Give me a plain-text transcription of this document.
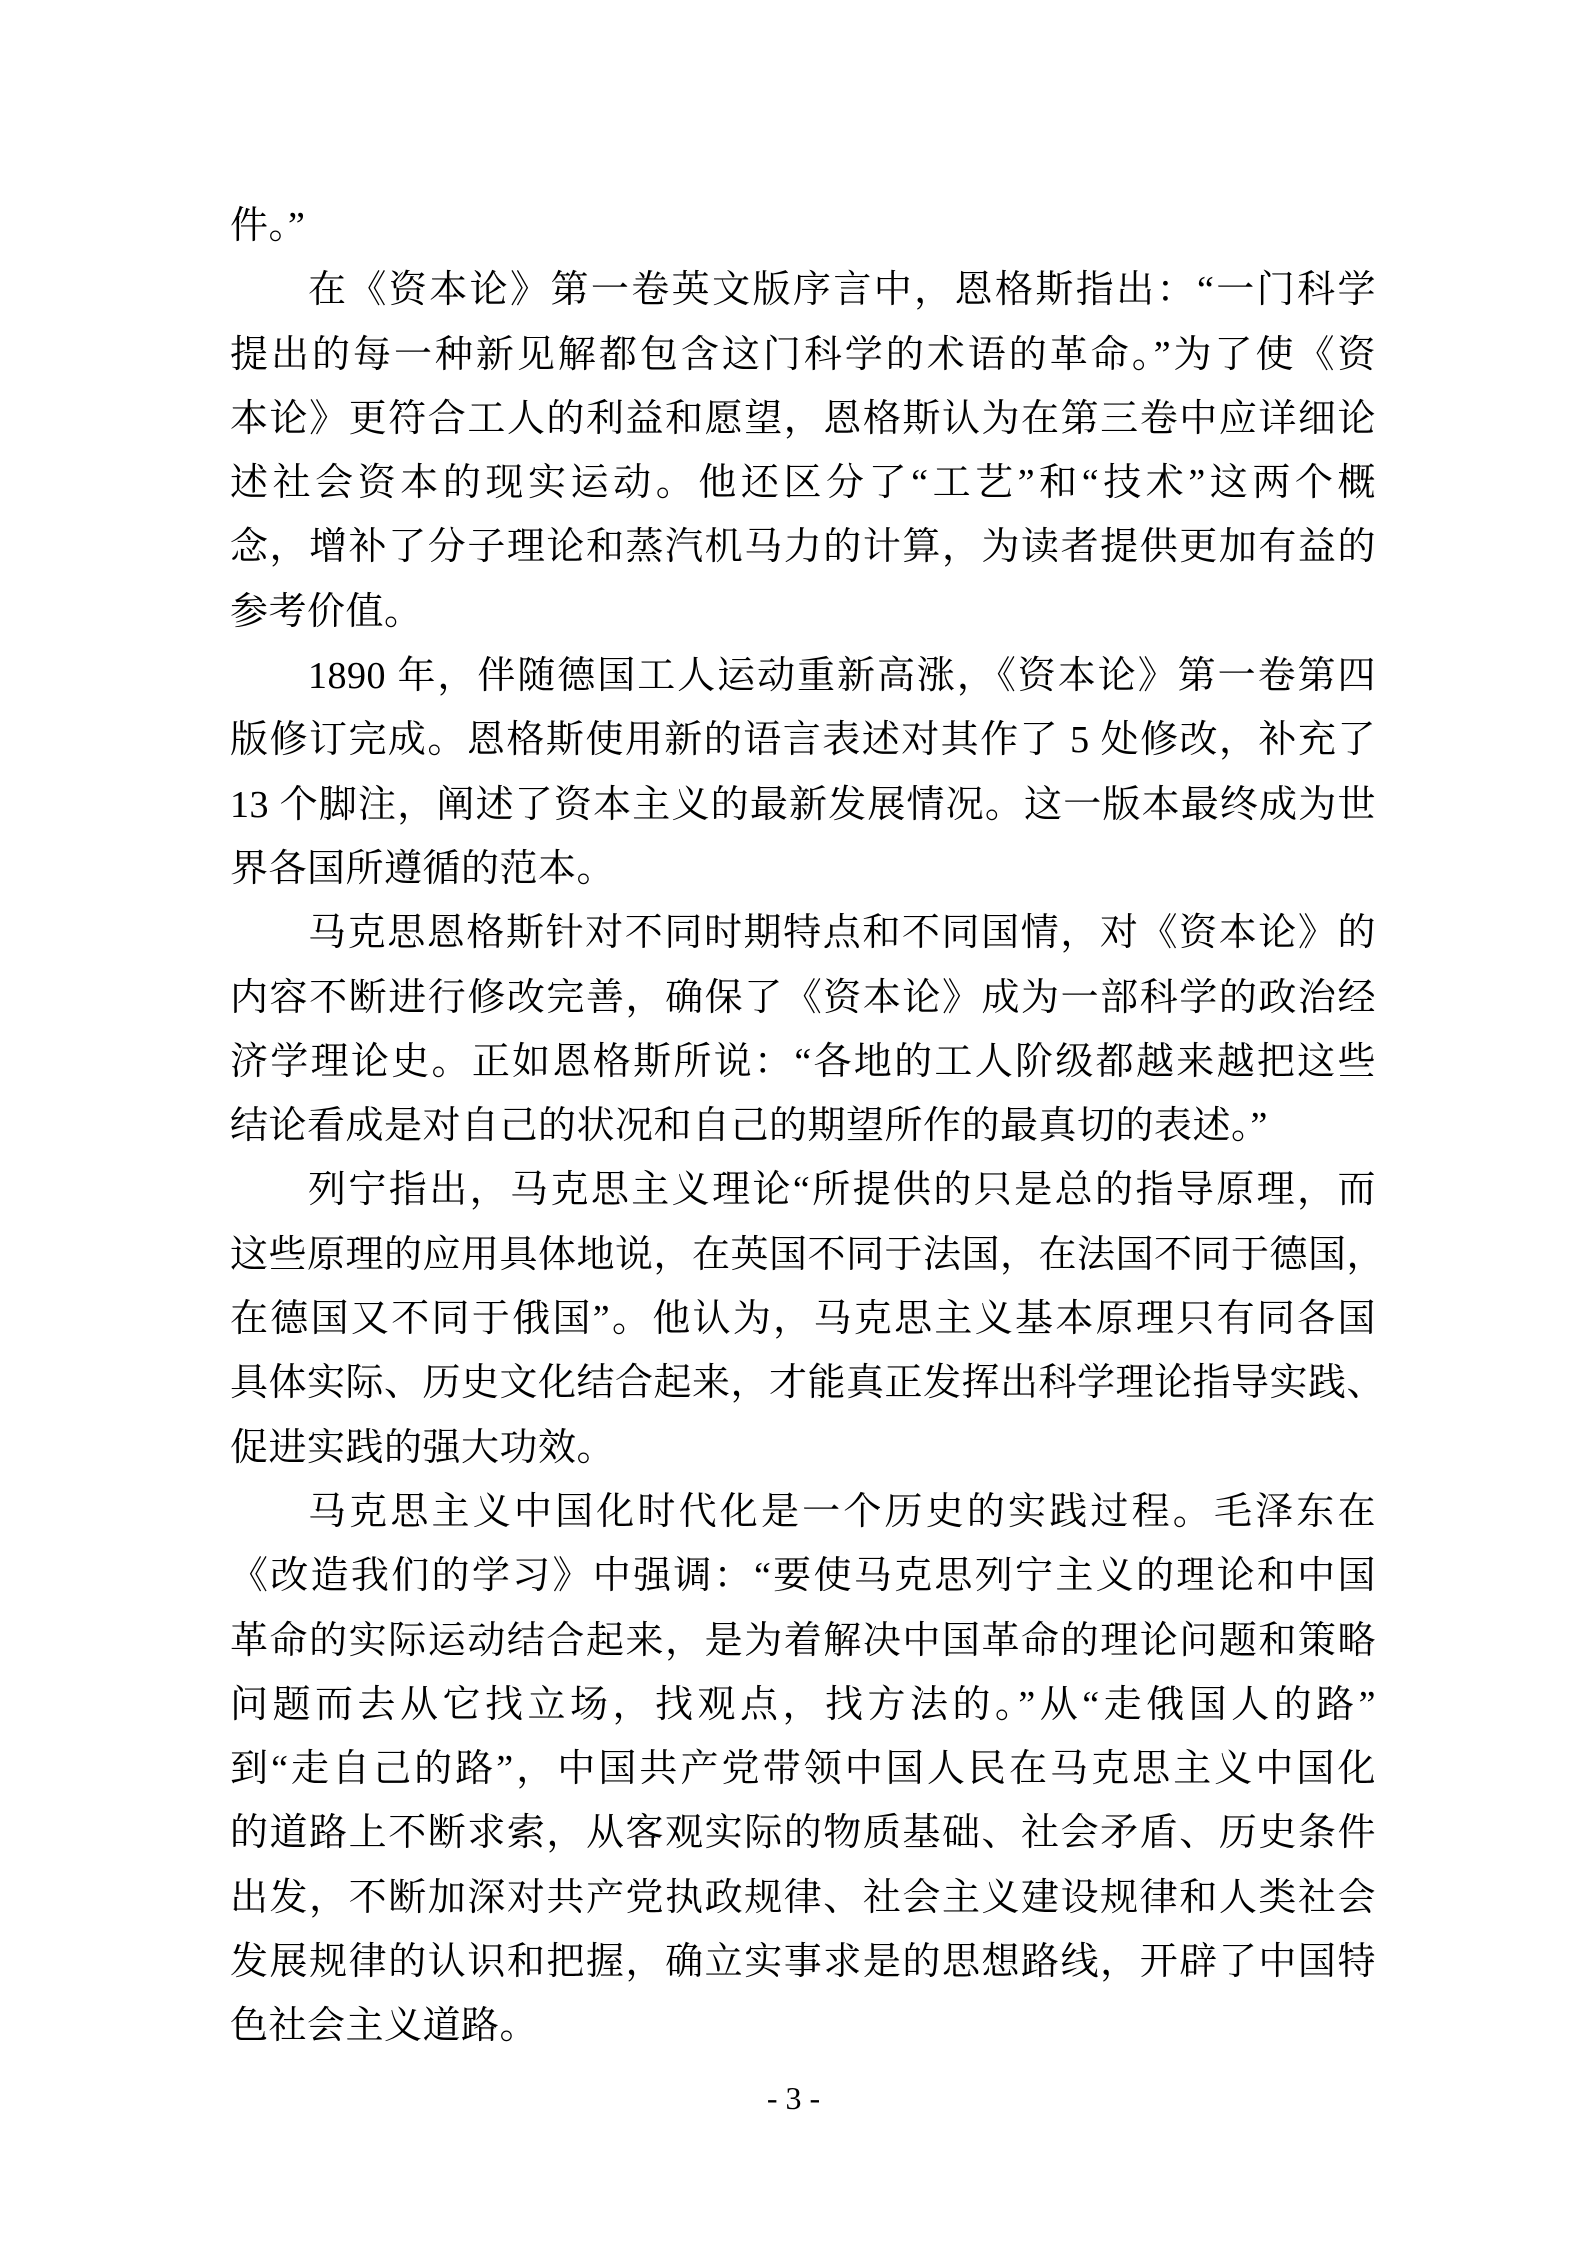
件。”
在《资本论》第一卷英文版序言中，恩格斯指出：“一门科学
提出的每一种新见解都包含这门科学的术语的革命。”为了使《资
本论》更符合工人的利益和愿望，恩格斯认为在第三卷中应详细论
述社会资本的现实运动。他还区分了“工艺”和“技术”这两个概
念，增补了分子理论和蒸汽机马力的计算，为读者提供更加有益的
参考价值。
1890 年，伴随德国工人运动重新高涨，《资本论》第一卷第四
版修订完成。恩格斯使用新的语言表述对其作了 5 处修改，补充了
13 个脚注，阐述了资本主义的最新发展情况。这一版本最终成为世
界各国所遵循的范本。
马克思恩格斯针对不同时期特点和不同国情，对《资本论》的
内容不断进行修改完善，确保了《资本论》成为一部科学的政治经
济学理论史。正如恩格斯所说：“各地的工人阶级都越来越把这些
结论看成是对自己的状况和自己的期望所作的最真切的表述。”
列宁指出，马克思主义理论“所提供的只是总的指导原理，而
这些原理的应用具体地说，在英国不同于法国，在法国不同于德国，
在德国又不同于俄国”。他认为，马克思主义基本原理只有同各国
具体实际、历史文化结合起来，才能真正发挥出科学理论指导实践、
促进实践的强大功效。
马克思主义中国化时代化是一个历史的实践过程。毛泽东在
《改造我们的学习》中强调：“要使马克思列宁主义的理论和中国
革命的实际运动结合起来，是为着解决中国革命的理论问题和策略
问题而去从它找立场，找观点，找方法的。”从“走俄国人的路”
到“走自己的路”，中国共产党带领中国人民在马克思主义中国化
的道路上不断求索，从客观实际的物质基础、社会矛盾、历史条件
出发，不断加深对共产党执政规律、社会主义建设规律和人类社会
发展规律的认识和把握，确立实事求是的思想路线，开辟了中国特
色社会主义道路。
- 3 -
